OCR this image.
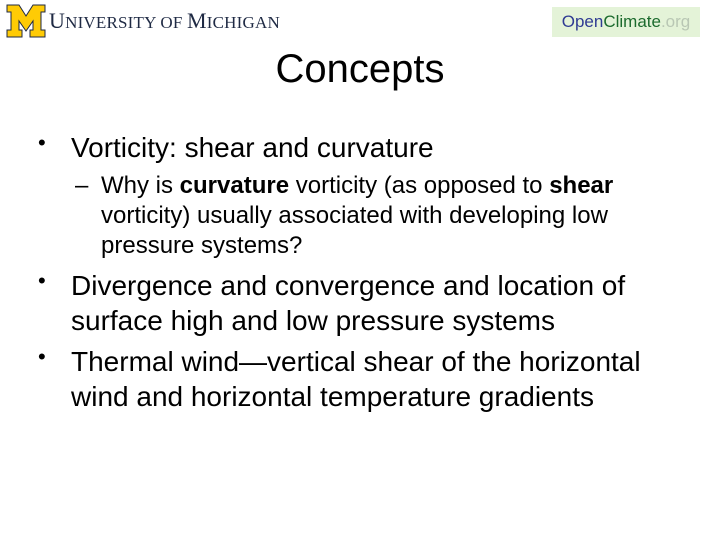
UNIVERSITY OF MICHIGAN	Open Climate .org
Concepts
• Vorticity: shear and curvature
– Why is curvature vorticity (as opposed to shear vorticity) usually associated with developing low pressure systems?
• Divergence and convergence and location of surface high and low pressure systems
• Thermal wind—vertical shear of the horizontal wind and horizontal temperature gradients
